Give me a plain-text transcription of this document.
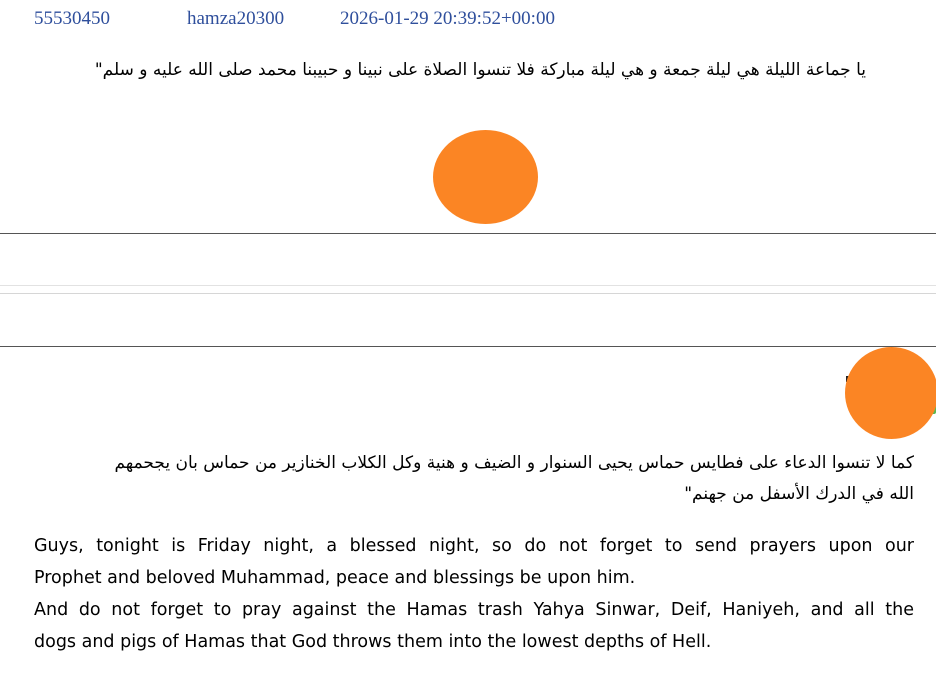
55530450	hamza20300	2026-01-29 20:39:52+00:00
يا جماعة الليلة هي ليلة جمعة و هي ليلة مباركة فلا تنسوا الصلاة على نبينا و حبيبنا محمد صلى الله عليه و سلم"
كما لا تنسوا الدعاء على فطايس حماس يحيى السنوار و الضيف و هنية وكل الكلاب الخنازير من حماس بان يجحمهم
الله في الدرك الأسفل من جهنم"
Guys, tonight is Friday night, a blessed night, so do not forget to send prayers upon our
Prophet and beloved Muhammad, peace and blessings be upon him.
And do not forget to pray against the Hamas trash Yahya Sinwar, Deif, Haniyeh, and all the
dogs and pigs of Hamas that God throws them into the lowest depths of Hell.
